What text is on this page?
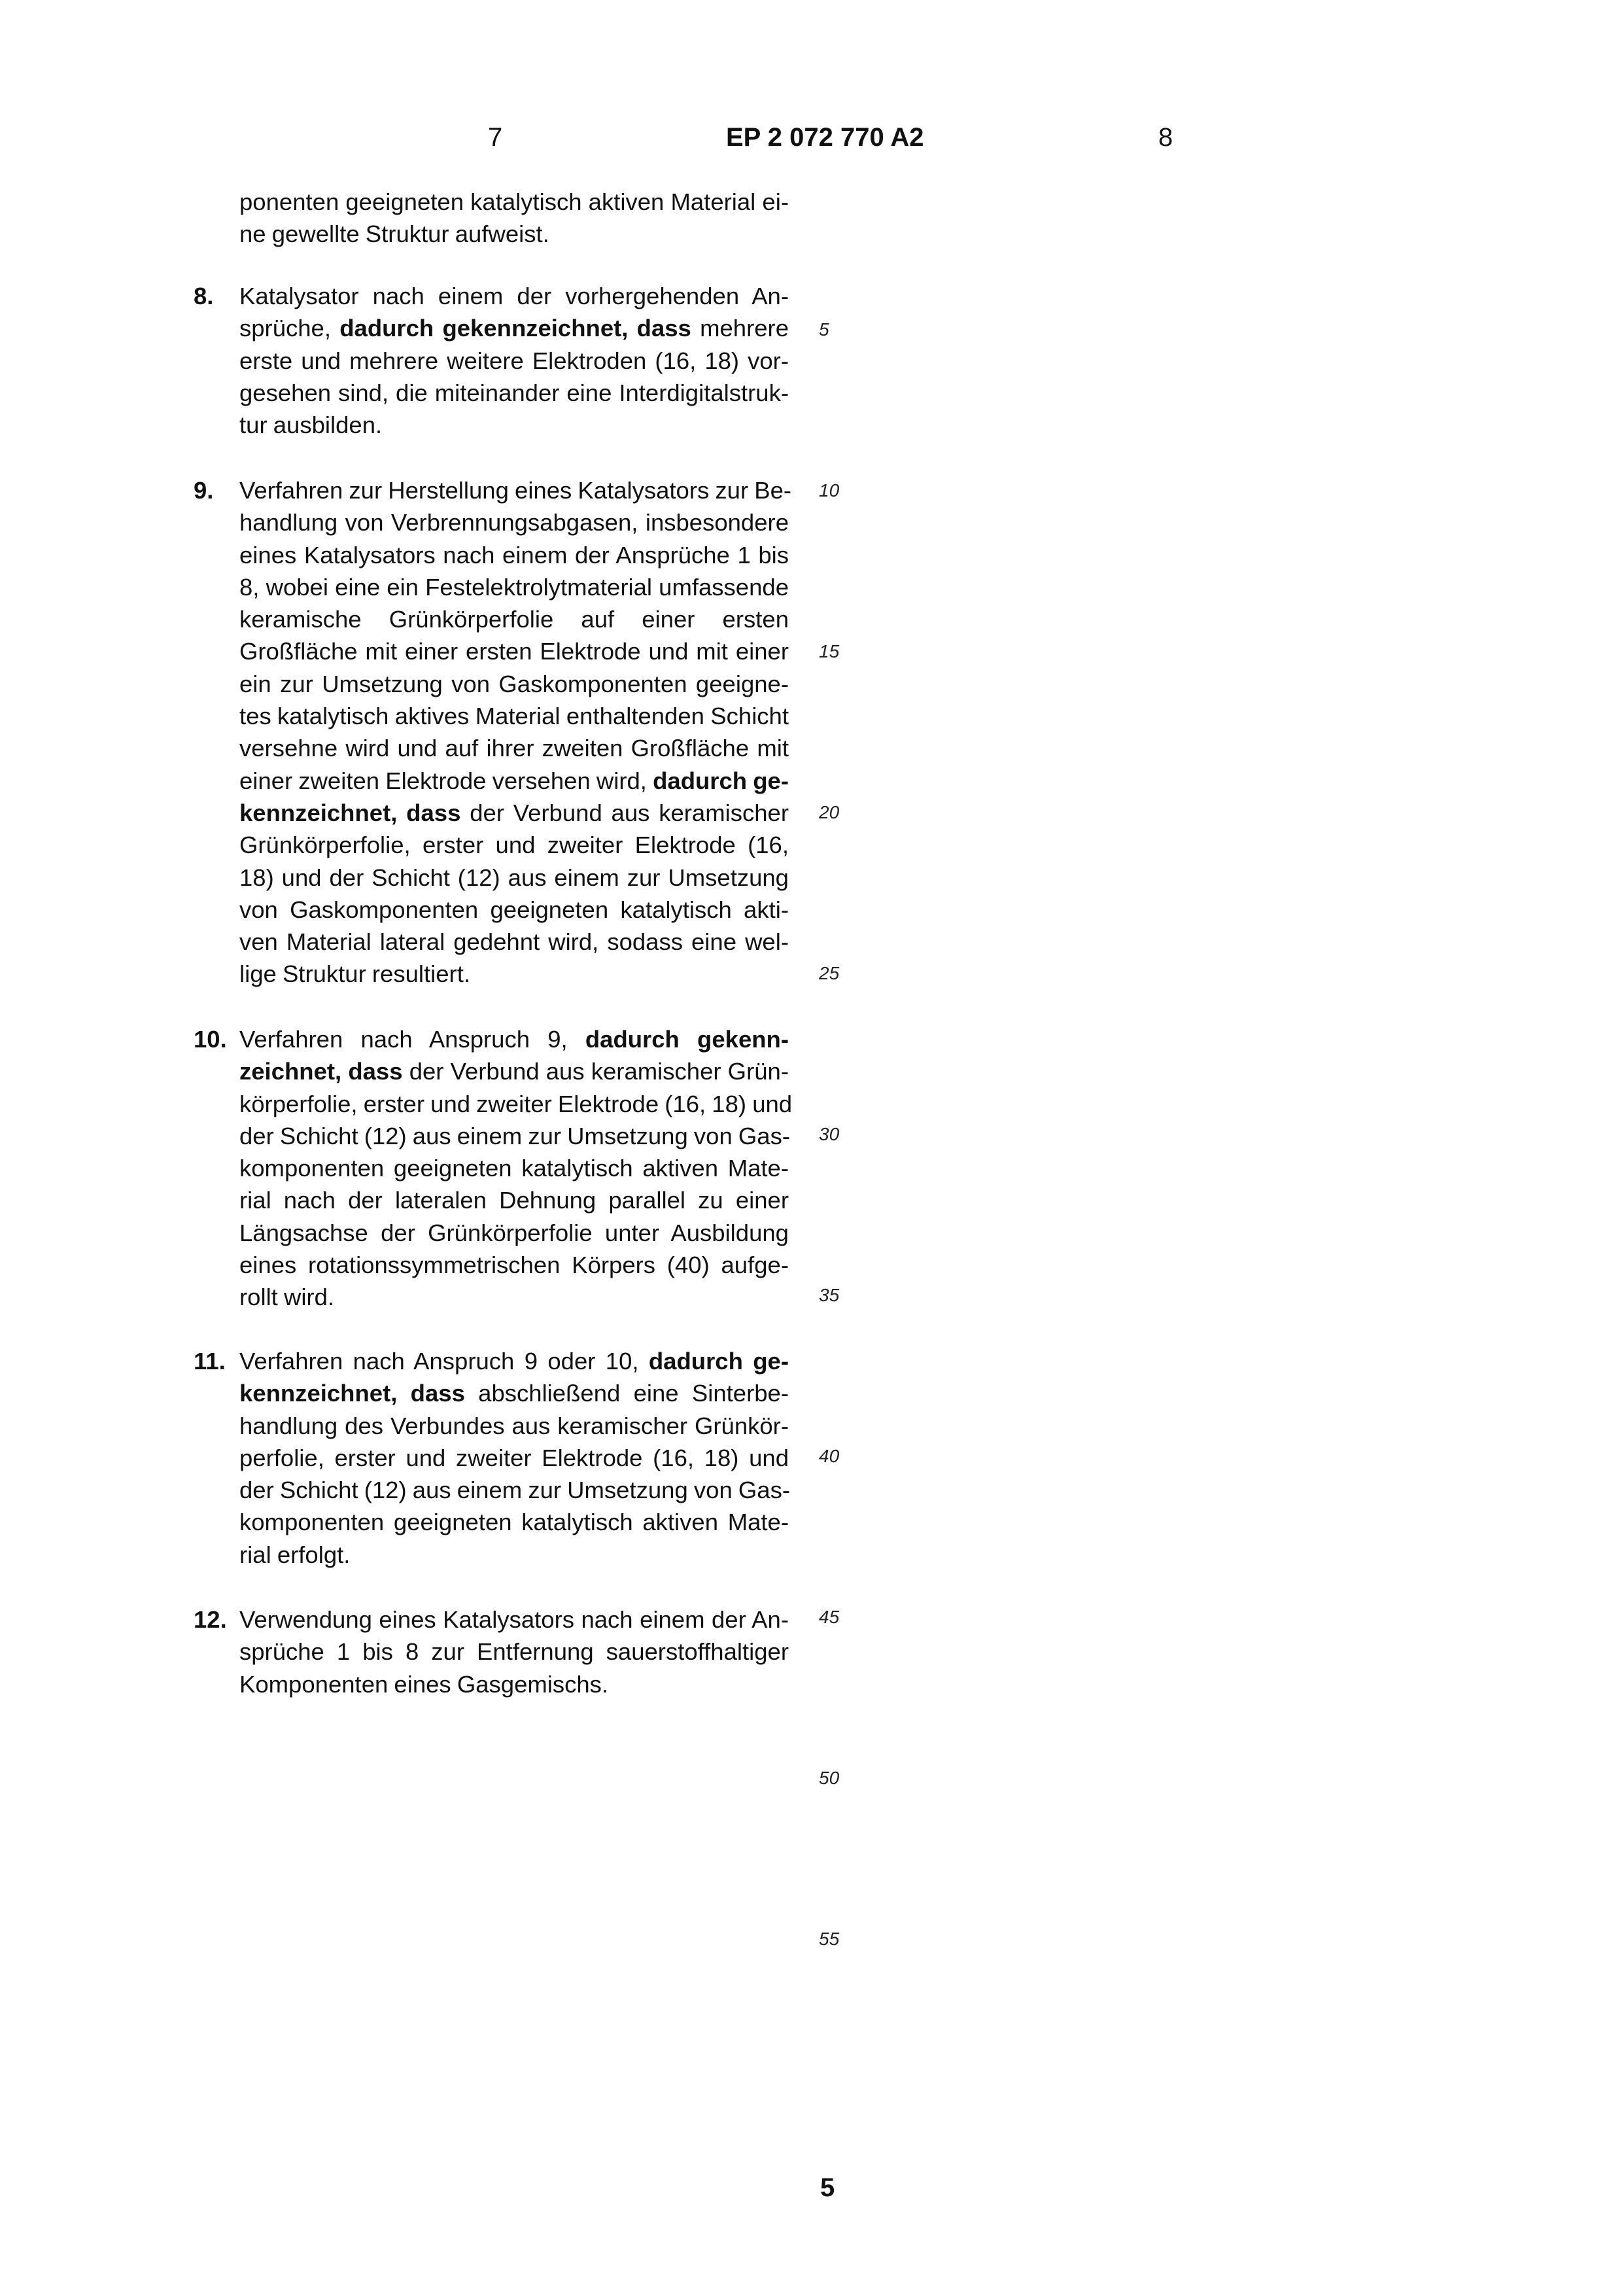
7	EP 2 072 770 A2	8
8.
9.
10.
11.
12.
ponenten geeigneten katalytisch aktiven Material ei-
ne gewellte Struktur aufweist.
Katalysator nach einem der vorhergehenden An-
sprüche, dadurch gekennzeichnet, dass mehrere
erste und mehrere weitere Elektroden (16, 18) vor-
gesehen sind, die miteinander eine Interdigitalstruk-
tur ausbilden.
Verfahren zur Herstellung eines Katalysators zur Be-
handlung von Verbrennungsabgasen, insbesondere
eines Katalysators nach einem der Ansprüche 1 bis
8, wobei eine ein Festelektrolytmaterial umfassende
keramische Grünkörperfolie auf einer ersten
Großfläche mit einer ersten Elektrode und mit einer
ein zur Umsetzung von Gaskomponenten geeigne-
tes katalytisch aktives Material enthaltenden Schicht
versehne wird und auf ihrer zweiten Großfläche mit
einer zweiten Elektrode versehen wird, dadurch ge-
kennzeichnet, dass der Verbund aus keramischer
Grünkörperfolie, erster und zweiter Elektrode (16,
18) und der Schicht (12) aus einem zur Umsetzung
von Gaskomponenten geeigneten katalytisch akti-
ven Material lateral gedehnt wird, sodass eine wel-
lige Struktur resultiert.
Verfahren nach Anspruch 9, dadurch gekenn-
zeichnet, dass der Verbund aus keramischer Grün-
körperfolie, erster und zweiter Elektrode (16, 18) und
der Schicht (12) aus einem zur Umsetzung von Gas-
komponenten geeigneten katalytisch aktiven Mate-
rial nach der lateralen Dehnung parallel zu einer
Längsachse der Grünkörperfolie unter Ausbildung
eines rotationssymmetrischen Körpers (40) aufge-
rollt wird.
Verfahren nach Anspruch 9 oder 10, dadurch ge-
kennzeichnet, dass abschließend eine Sinterbe-
handlung des Verbundes aus keramischer Grünkör-
perfolie, erster und zweiter Elektrode (16, 18) und
der Schicht (12) aus einem zur Umsetzung von Gas-
komponenten geeigneten katalytisch aktiven Mate-
rial erfolgt.
Verwendung eines Katalysators nach einem der An-
sprüche 1 bis 8 zur Entfernung sauerstoffhaltiger
Komponenten eines Gasgemischs.
5
10
15
20
25
30
35
40
45
50
55
5
